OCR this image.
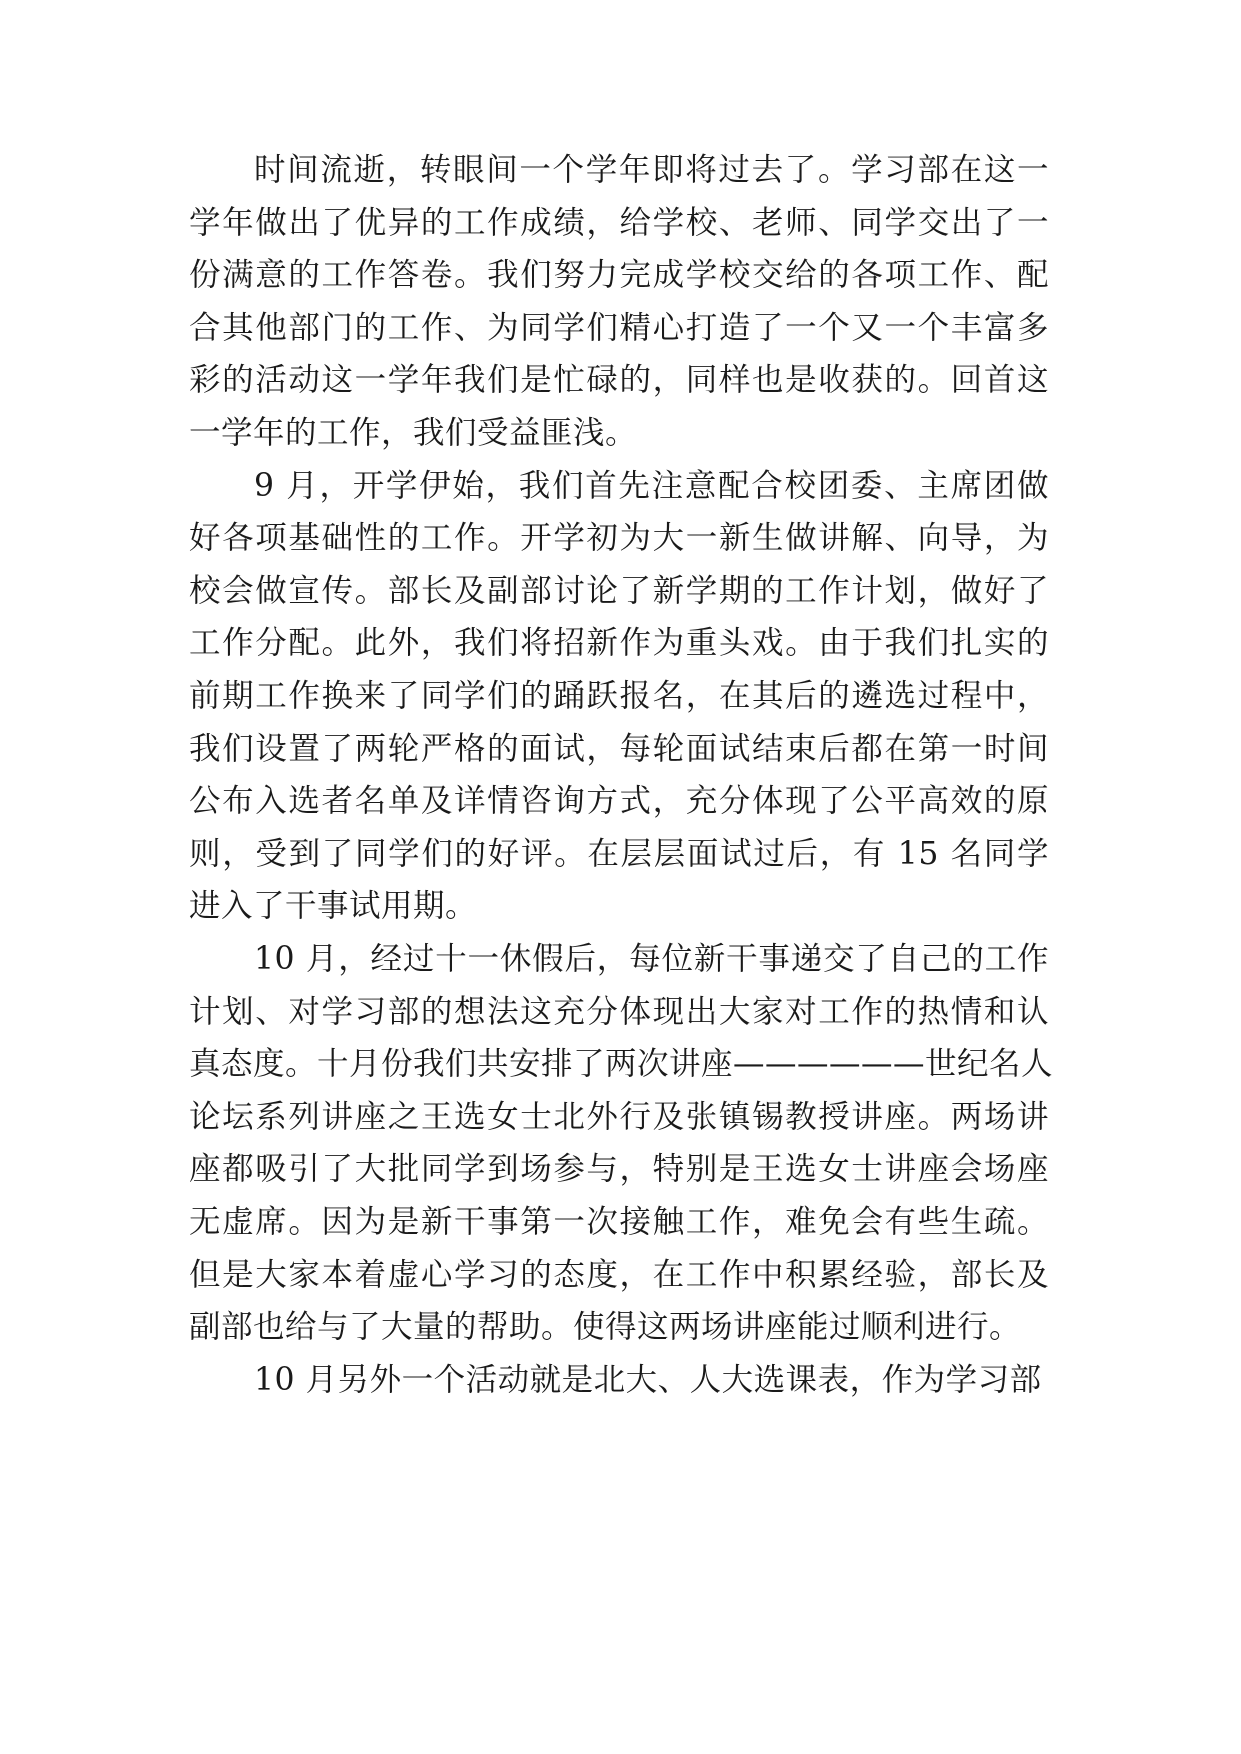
时间流逝，转眼间一个学年即将过去了。学习部在这一
学年做出了优异的工作成绩，给学校、老师、同学交出了一
份满意的工作答卷。我们努力完成学校交给的各项工作、配
合其他部门的工作、为同学们精心打造了一个又一个丰富多
彩的活动这一学年我们是忙碌的，同样也是收获的。回首这
一学年的工作，我们受益匪浅。
9 月，开学伊始，我们首先注意配合校团委、主席团做
好各项基础性的工作。开学初为大一新生做讲解、向导，为
校会做宣传。部长及副部讨论了新学期的工作计划，做好了
工作分配。此外，我们将招新作为重头戏。由于我们扎实的
前期工作换来了同学们的踊跃报名，在其后的遴选过程中，
我们设置了两轮严格的面试，每轮面试结束后都在第一时间
公布入选者名单及详情咨询方式，充分体现了公平高效的原
则，受到了同学们的好评。在层层面试过后，有 15 名同学
进入了干事试用期。
10 月，经过十一休假后，每位新干事递交了自己的工作
计划、对学习部的想法这充分体现出大家对工作的热情和认
真态度。十月份我们共安排了两次讲座——————世纪名人
论坛系列讲座之王选女士北外行及张镇锡教授讲座。两场讲
座都吸引了大批同学到场参与，特别是王选女士讲座会场座
无虚席。因为是新干事第一次接触工作，难免会有些生疏。
但是大家本着虚心学习的态度，在工作中积累经验，部长及
副部也给与了大量的帮助。使得这两场讲座能过顺利进行。
10 月另外一个活动就是北大、人大选课表，作为学习部
